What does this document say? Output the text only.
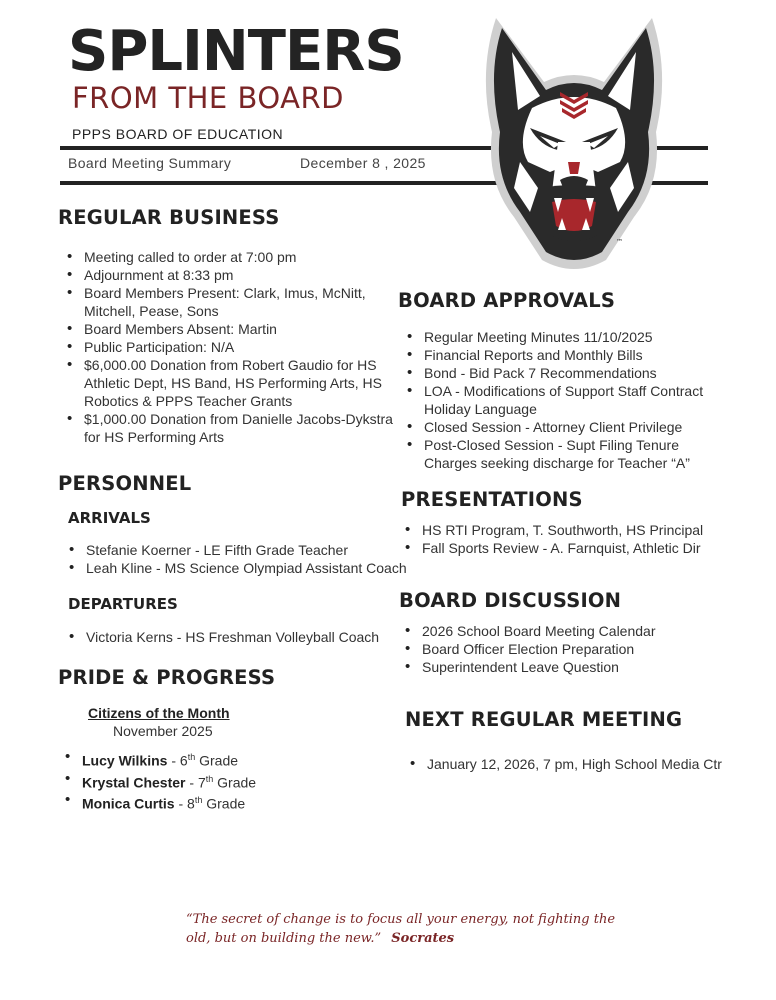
SPLINTERS
FROM THE BOARD
PPPS BOARD OF EDUCATION
Board Meeting Summary	December 8 , 2025
™
REGULAR BUSINESS
• Meeting called to order at 7:00 pm
• Adjournment at 8:33 pm
• Board Members Present: Clark, Imus, McNitt, Mitchell, Pease, Sons
• Board Members Absent: Martin
• Public Participation: N/A
• $6,000.00 Donation from Robert Gaudio for HS Athletic Dept, HS Band, HS Performing Arts, HS Robotics & PPPS Teacher Grants
• $1,000.00 Donation from Danielle Jacobs-Dykstra for HS Performing Arts
PERSONNEL
ARRIVALS
• Stefanie Koerner - LE Fifth Grade Teacher
• Leah Kline - MS Science Olympiad Assistant Coach
DEPARTURES
• Victoria Kerns - HS Freshman Volleyball Coach
PRIDE & PROGRESS
Citizens of the Month
November 2025
• Lucy Wilkins - 6th Grade
• Krystal Chester - 7th Grade
• Monica Curtis - 8th Grade
BOARD APPROVALS
• Regular Meeting Minutes 11/10/2025
• Financial Reports and Monthly Bills
• Bond - Bid Pack 7 Recommendations
• LOA - Modifications of Support Staff Contract Holiday Language
• Closed Session - Attorney Client Privilege
• Post-Closed Session - Supt Filing Tenure Charges seeking discharge for Teacher “A”
PRESENTATIONS
• HS RTI Program, T. Southworth, HS Principal
• Fall Sports Review - A. Farnquist, Athletic Dir
BOARD DISCUSSION
• 2026 School Board Meeting Calendar
• Board Officer Election Preparation
• Superintendent Leave Question
NEXT REGULAR MEETING
• January 12, 2026, 7 pm, High School Media Ctr
“The secret of change is to focus all your energy, not fighting the old, but on building the new.” Socrates
